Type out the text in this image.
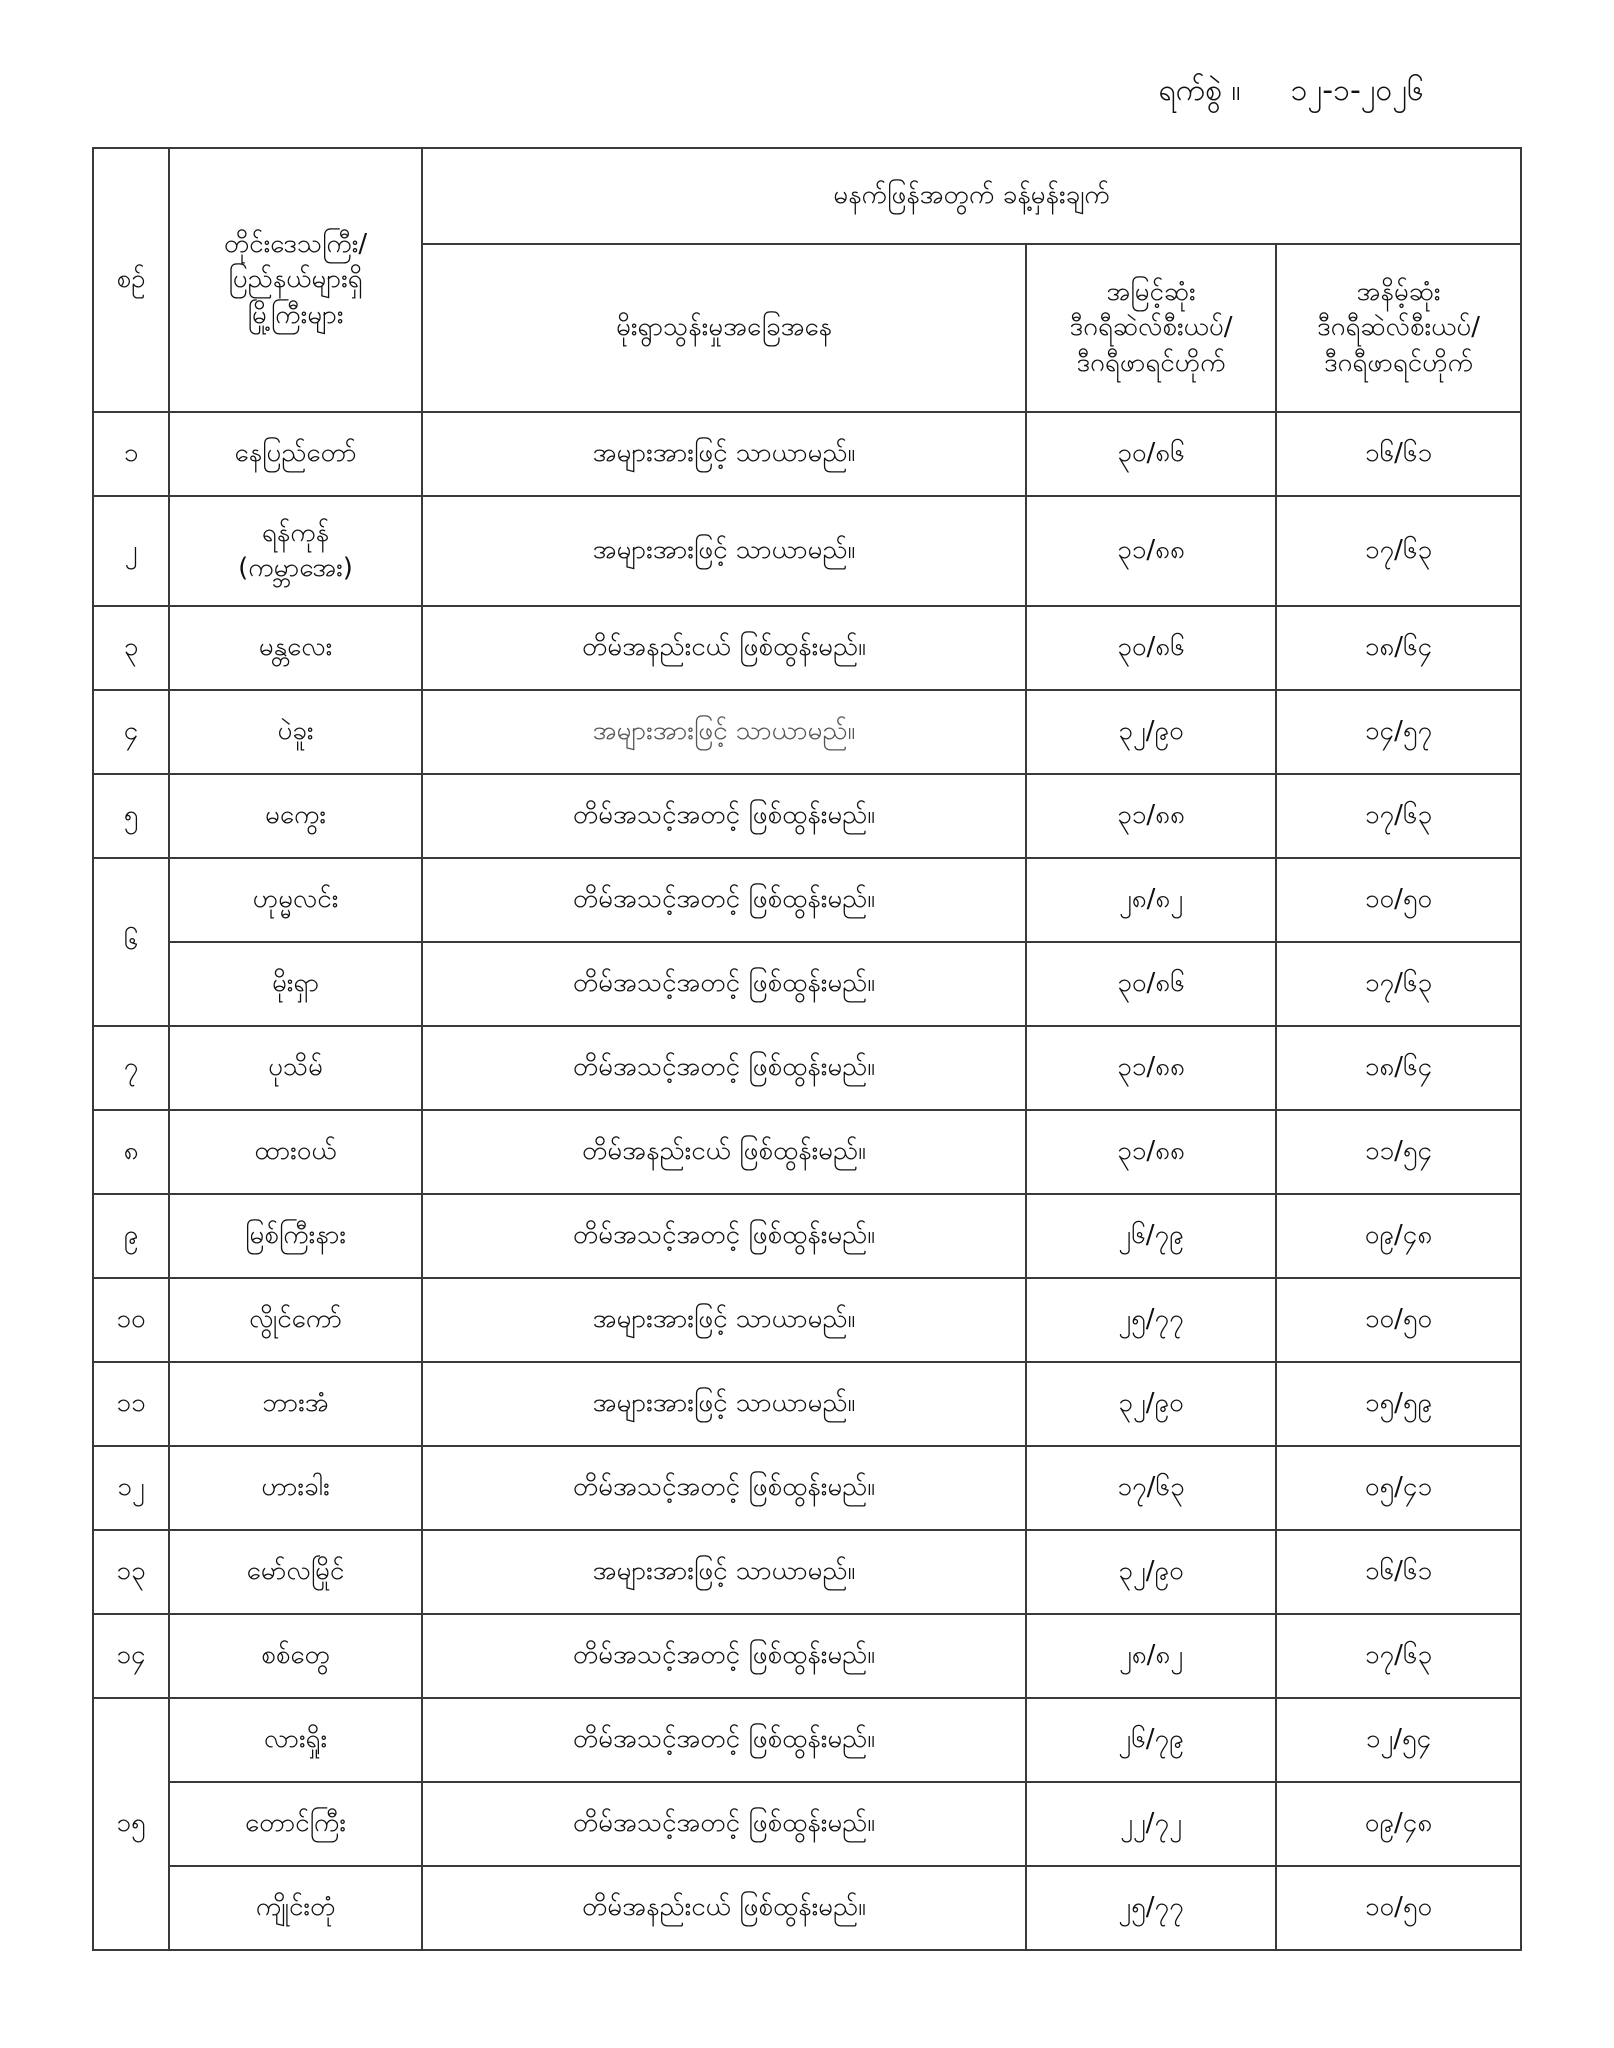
ရက်စွဲ ။ ၁၂-၁-၂၀၂၆
စဉ်	တိုင်းဒေသကြီး/
ပြည်နယ်များရှိ
မြို့ကြီးများ	မနက်ဖြန်အတွက် ခန့်မှန်းချက်		
		မိုးရွာသွန်းမှုအခြေအနေ	အမြင့်ဆုံး
ဒီဂရီဆဲလ်စီးယပ်/
ဒီဂရီဖာရင်ဟိုက်	အနိမ့်ဆုံး
ဒီဂရီဆဲလ်စီးယပ်/
ဒီဂရီဖာရင်ဟိုက်

၁	နေပြည်တော်	အများအားဖြင့် သာယာမည်။	၃၀/၈၆	၁၆/၆၁
၂	ရန်ကုန်
(ကမ္ဘာအေး)	အများအားဖြင့် သာယာမည်။	၃၁/၈၈	၁၇/၆၃
၃	မန္တလေး	တိမ်အနည်းငယ် ဖြစ်ထွန်းမည်။	၃၀/၈၆	၁၈/၆၄
၄	ပဲခူး	အများအားဖြင့် သာယာမည်။	၃၂/၉၀	၁၄/၅၇
၅	မကွေး	တိမ်အသင့်အတင့် ဖြစ်ထွန်းမည်။	၃၁/၈၈	၁၇/၆၃
၆	ဟုမ္မလင်း	တိမ်အသင့်အတင့် ဖြစ်ထွန်းမည်။	၂၈/၈၂	၁၀/၅၀
	မိုးရှာ	တိမ်အသင့်အတင့် ဖြစ်ထွန်းမည်။	၃၀/၈၆	၁၇/၆၃
၇	ပုသိမ်	တိမ်အသင့်အတင့် ဖြစ်ထွန်းမည်။	၃၁/၈၈	၁၈/၆၄
၈	ထားဝယ်	တိမ်အနည်းငယ် ဖြစ်ထွန်းမည်။	၃၁/၈၈	၁၁/၅၄
၉	မြစ်ကြီးနား	တိမ်အသင့်အတင့် ဖြစ်ထွန်းမည်။	၂၆/၇၉	၀၉/၄၈
၁၀	လွိုင်ကော်	အများအားဖြင့် သာယာမည်။	၂၅/၇၇	၁၀/၅၀
၁၁	ဘားအံ	အများအားဖြင့် သာယာမည်။	၃၂/၉၀	၁၅/၅၉
၁၂	ဟားခါး	တိမ်အသင့်အတင့် ဖြစ်ထွန်းမည်။	၁၇/၆၃	၀၅/၄၁
၁၃	မော်လမြိုင်	အများအားဖြင့် သာယာမည်။	၃၂/၉၀	၁၆/၆၁
၁၄	စစ်တွေ	တိမ်အသင့်အတင့် ဖြစ်ထွန်းမည်။	၂၈/၈၂	၁၇/၆၃
၁၅	လားရှိုး	တိမ်အသင့်အတင့် ဖြစ်ထွန်းမည်။	၂၆/၇၉	၁၂/၅၄
	တောင်ကြီး	တိမ်အသင့်အတင့် ဖြစ်ထွန်းမည်။	၂၂/၇၂	၀၉/၄၈
	ကျိုင်းတုံ	တိမ်အနည်းငယ် ဖြစ်ထွန်းမည်။	၂၅/၇၇	၁၀/၅၀
